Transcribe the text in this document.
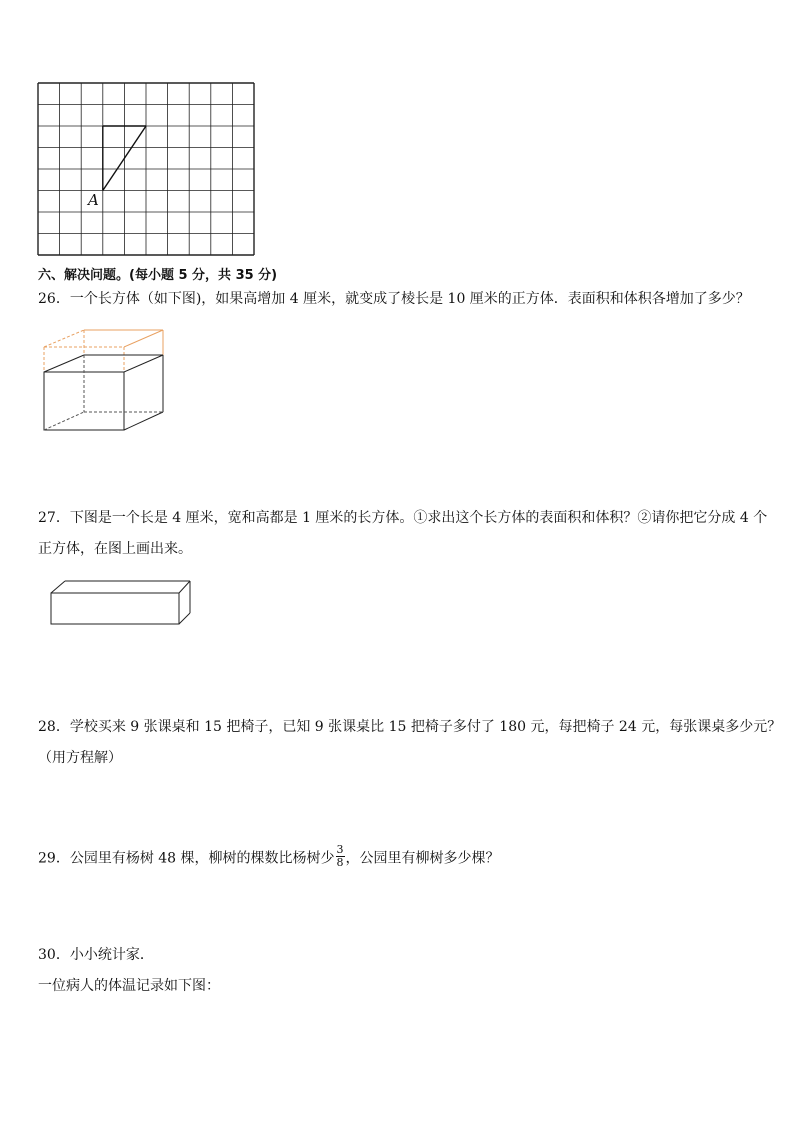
A
六、解决问题。(每小题 5 分，共 35 分)
26．一个长方体（如下图)，如果高增加 4 厘米，就变成了棱长是 10 厘米的正方体．表面积和体积各增加了多少？
27．下图是一个长是 4 厘米，宽和高都是 1 厘米的长方体。①求出这个长方体的表面积和体积？②请你把它分成 4 个
正方体，在图上画出来。
28．学校买来 9 张课桌和 15 把椅子，已知 9 张课桌比 15 把椅子多付了 180 元，每把椅子 24 元，每张课桌多少元？
（用方程解）
29．公园里有杨树 48 棵，柳树的棵数比杨树少 $\frac{3}{8}$ ，公园里有柳树多少棵？
30．小小统计家．
一位病人的体温记录如下图：
